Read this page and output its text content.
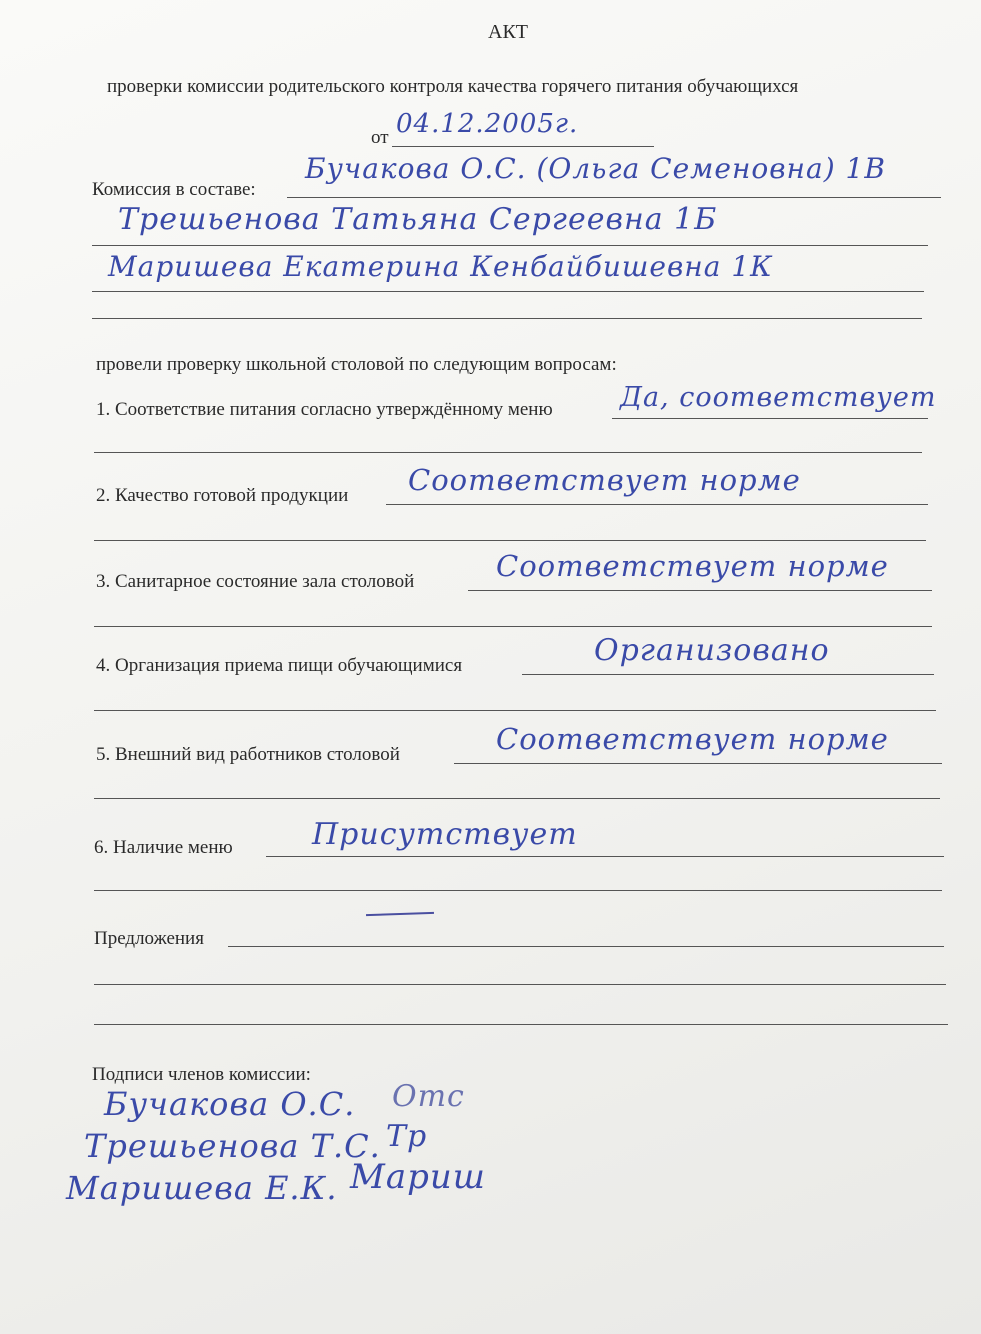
АКТ
проверки комиссии родительского контроля качества горячего питания обучающихся
от 04.12.2005г.
Комиссия в составе:
Бучакова О.С. (Ольга Семеновна) 1В
Трешьенова Татьяна Сергеевна 1Б
Маришева Екатерина Кенбайбишевна 1К
провели проверку школьной столовой по следующим вопросам:
1. Соответствие питания согласно утверждённому меню Да, соответствует
2. Качество готовой продукции Соответствует норме
3. Санитарное состояние зала столовой	Соответствует норме
4. Организация приема пищи обучающимися	Организовано
5. Внешний вид работников столовой	Соответствует норме
6. Наличие меню	Присутствует
Предложения
Подписи членов комиссии:
Бучакова О.С. Отс
Трешьенова Т.С. Тр
Маришева Е.К. Мариш
